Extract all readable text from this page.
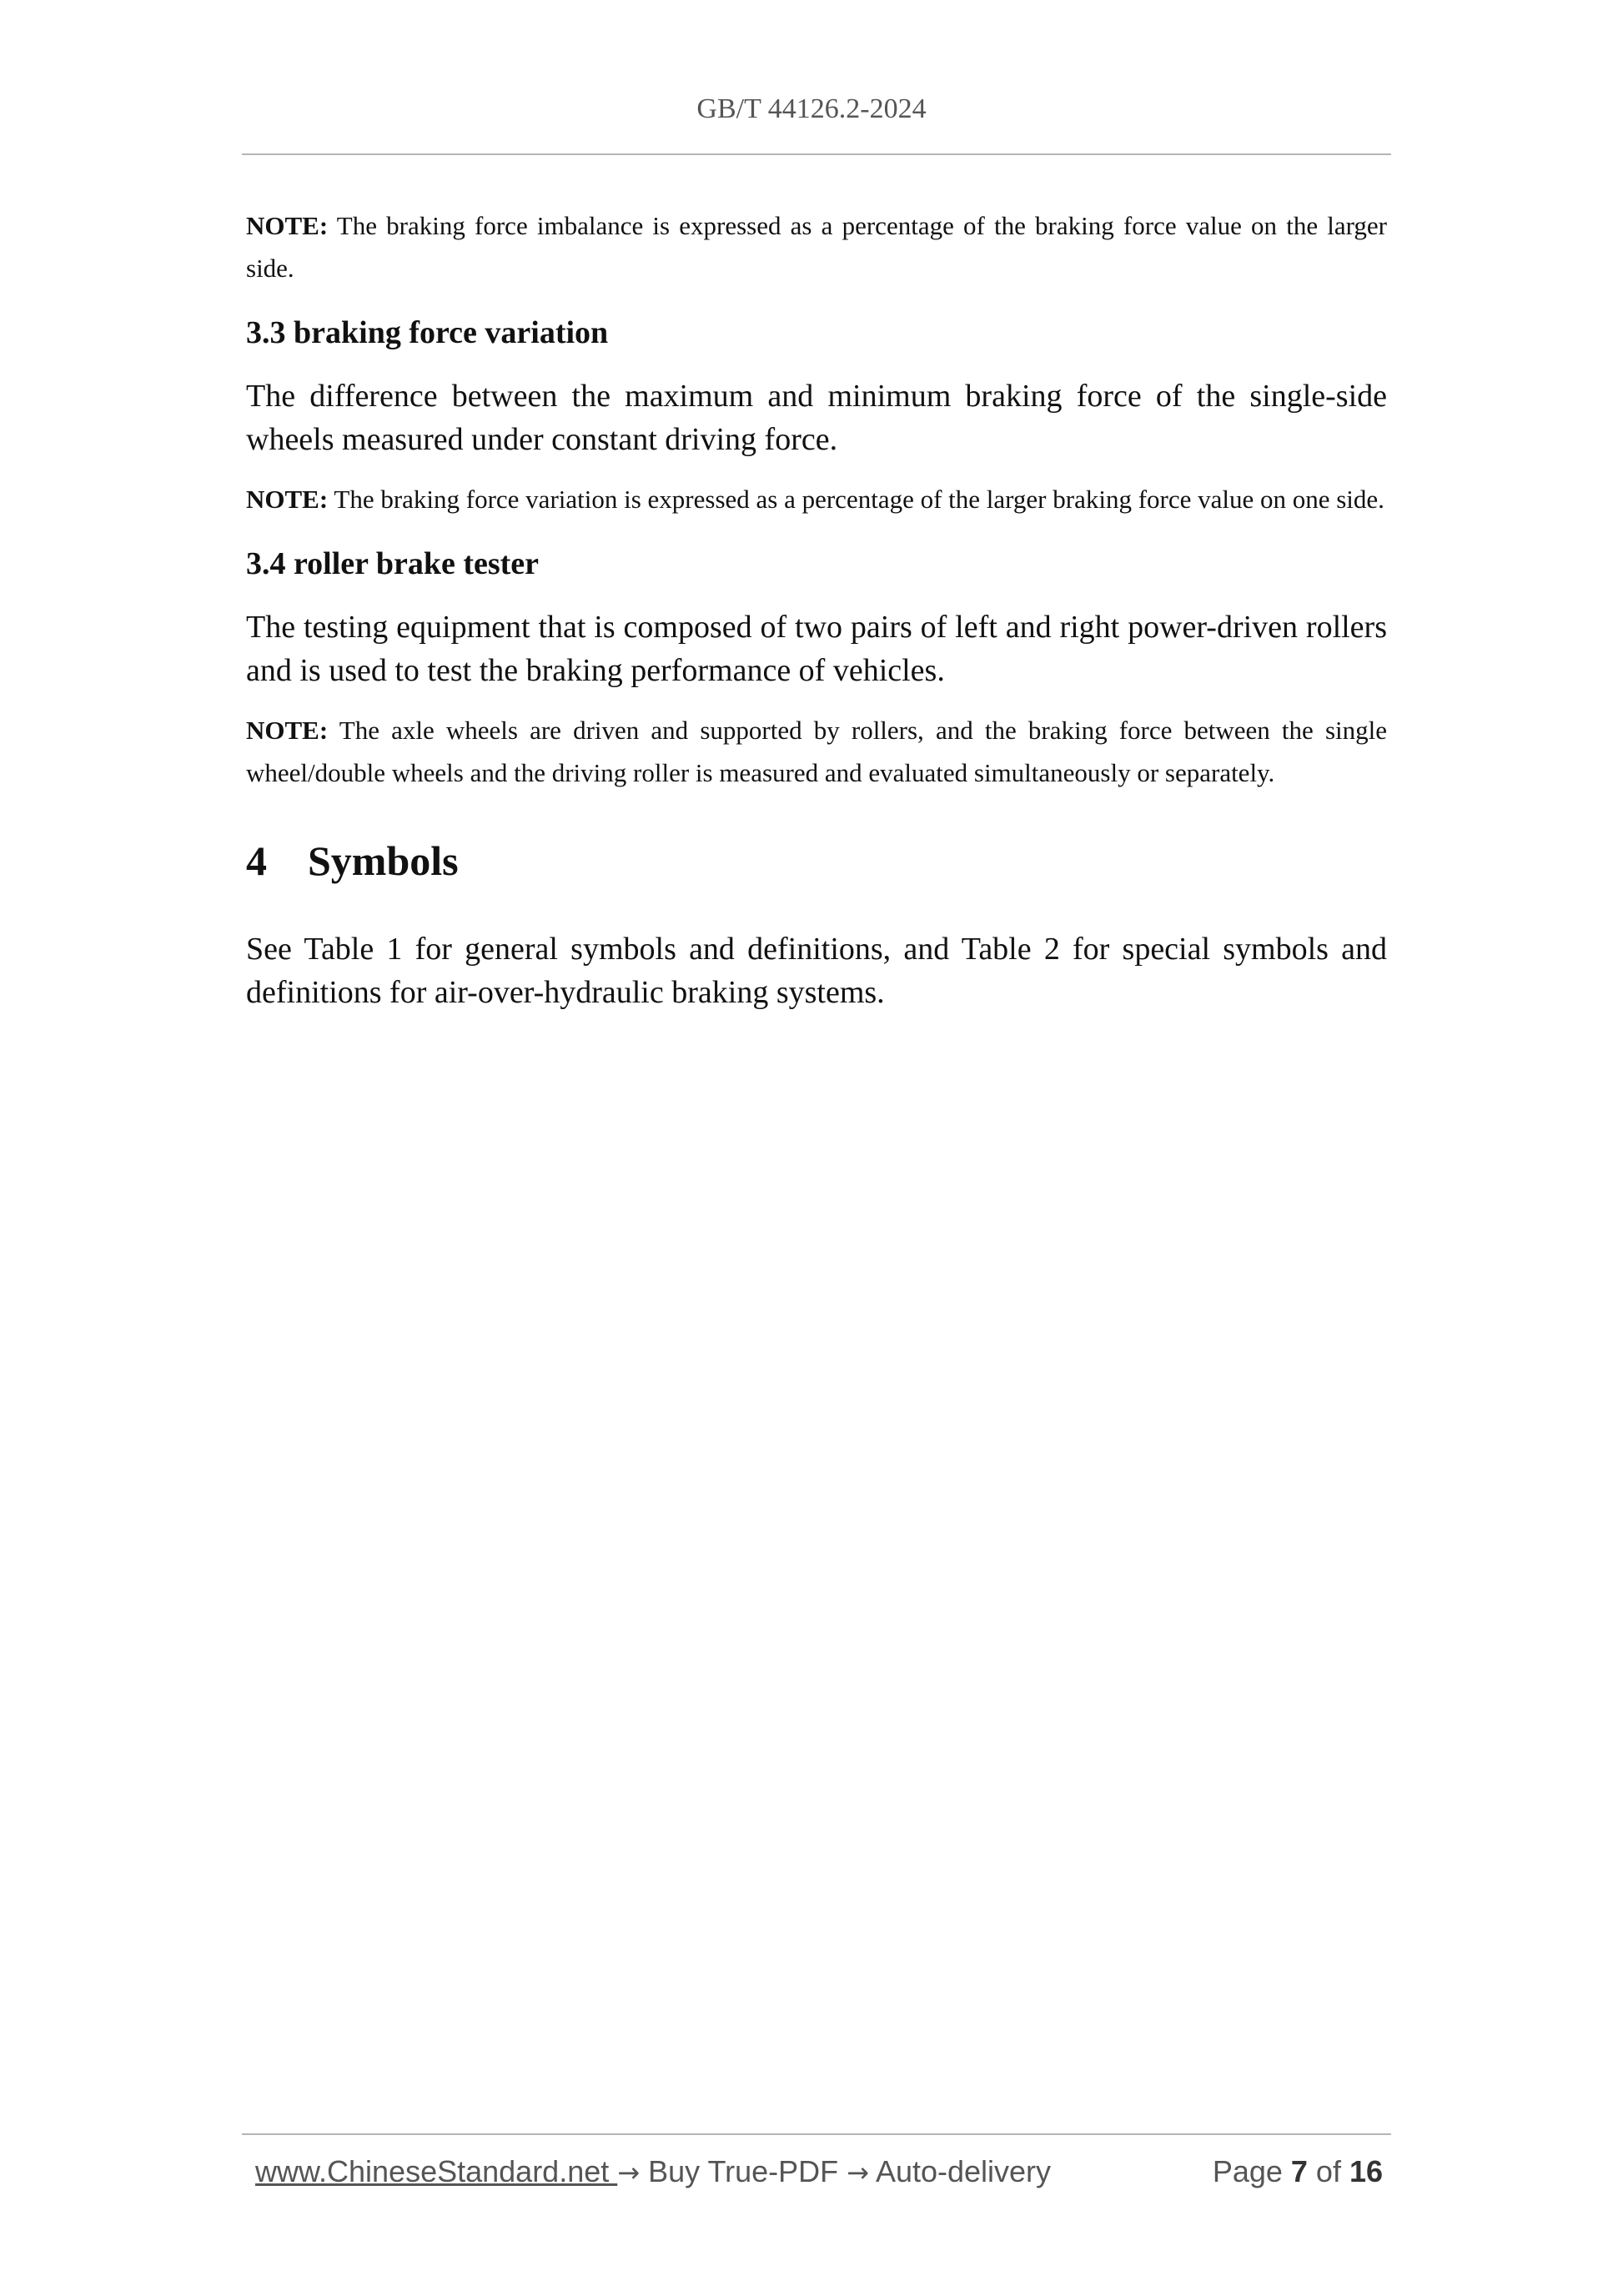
GB/T 44126.2-2024

NOTE: The braking force imbalance is expressed as a percentage of the braking force value on the larger side.

3.3 braking force variation

The difference between the maximum and minimum braking force of the single-side wheels measured under constant driving force.

NOTE: The braking force variation is expressed as a percentage of the larger braking force value on one side.

3.4 roller brake tester

The testing equipment that is composed of two pairs of left and right power-driven rollers and is used to test the braking performance of vehicles.

NOTE: The axle wheels are driven and supported by rollers, and the braking force between the single wheel/double wheels and the driving roller is measured and evaluated simultaneously or separately.

4 Symbols

See Table 1 for general symbols and definitions, and Table 2 for special symbols and definitions for air-over-hydraulic braking systems.

www.ChineseStandard.net → Buy True-PDF → Auto-delivery	Page 7 of 16
